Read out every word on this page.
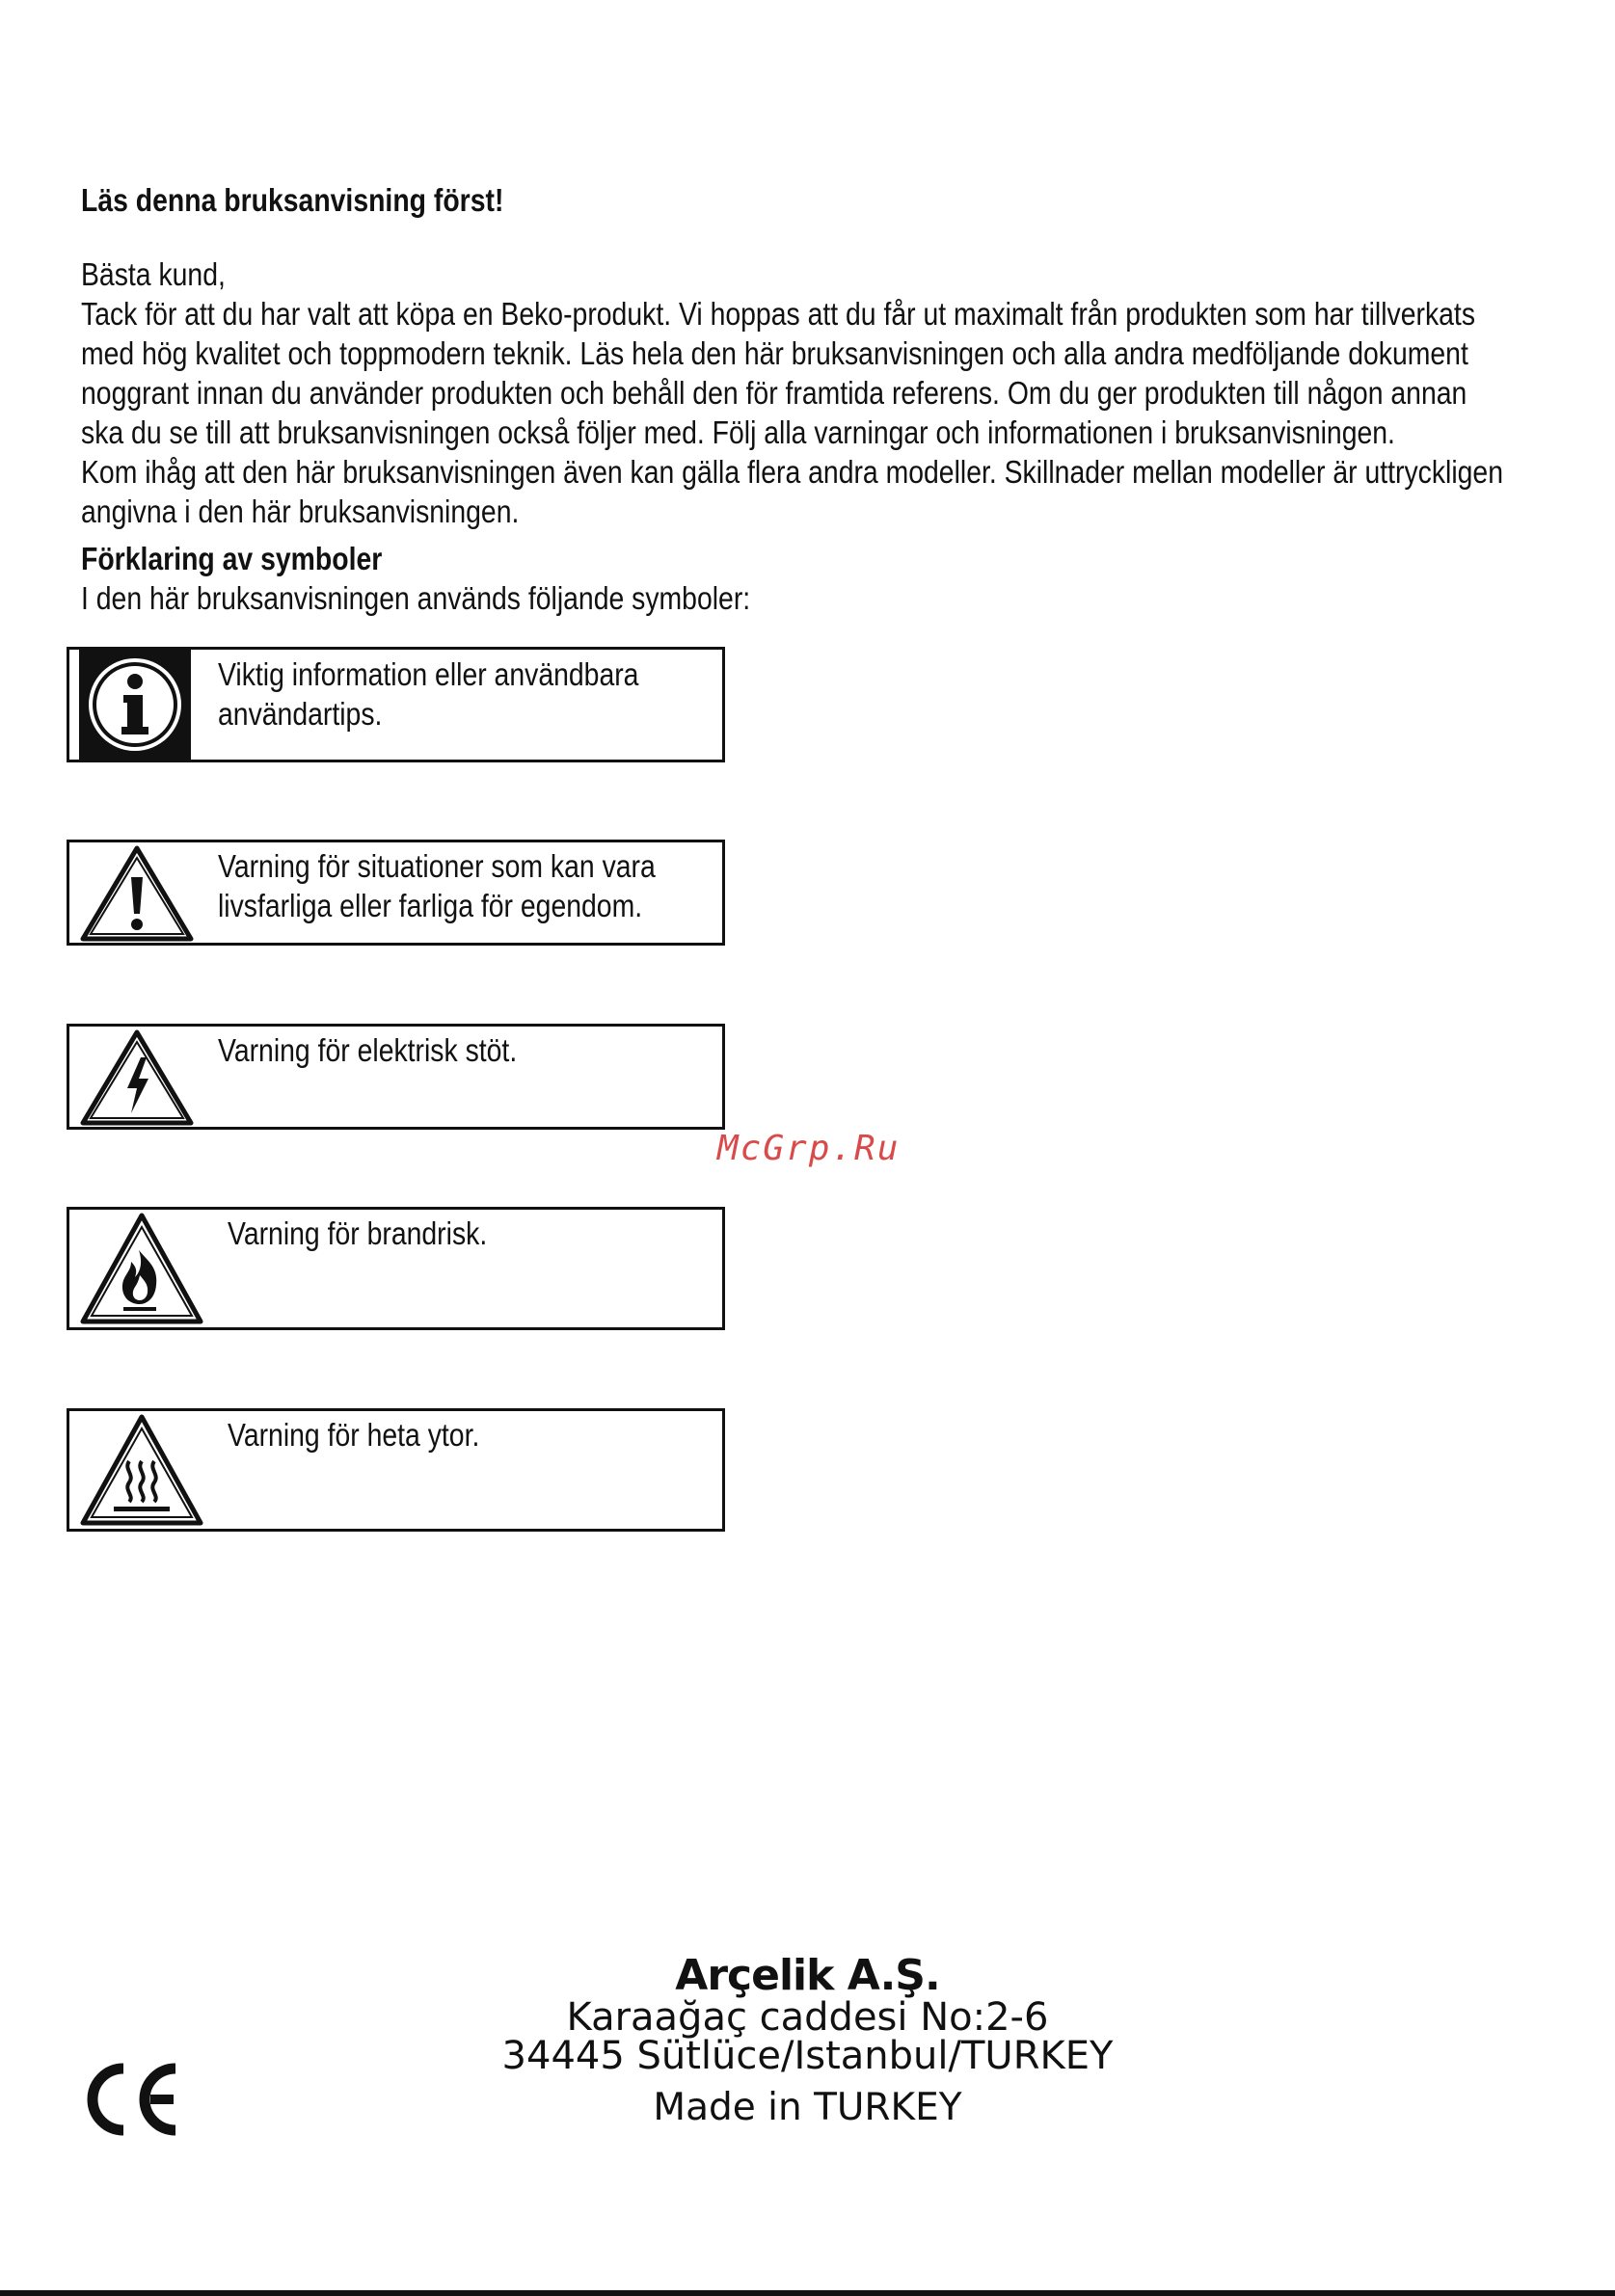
Läs denna bruksanvisning först!
Bästa kund,
Tack för att du har valt att köpa en Beko-produkt. Vi hoppas att du får ut maximalt från produkten som har tillverkats
med hög kvalitet och toppmodern teknik. Läs hela den här bruksanvisningen och alla andra medföljande dokument
noggrant innan du använder produkten och behåll den för framtida referens. Om du ger produkten till någon annan
ska du se till att bruksanvisningen också följer med. Följ alla varningar och informationen i bruksanvisningen.
Kom ihåg att den här bruksanvisningen även kan gälla flera andra modeller. Skillnader mellan modeller är uttryckligen
angivna i den här bruksanvisningen.
Förklaring av symboler
I den här bruksanvisningen används följande symboler:
Viktig information eller användbara
användartips.
Varning för situationer som kan vara
livsfarliga eller farliga för egendom.
Varning för elektrisk stöt.
Varning för brandrisk.
Varning för heta ytor.
McGrp.Ru
Arçelik A.Ş.
Karaağaç caddesi No:2-6
34445 Sütlüce/Istanbul/TURKEY
Made in TURKEY
